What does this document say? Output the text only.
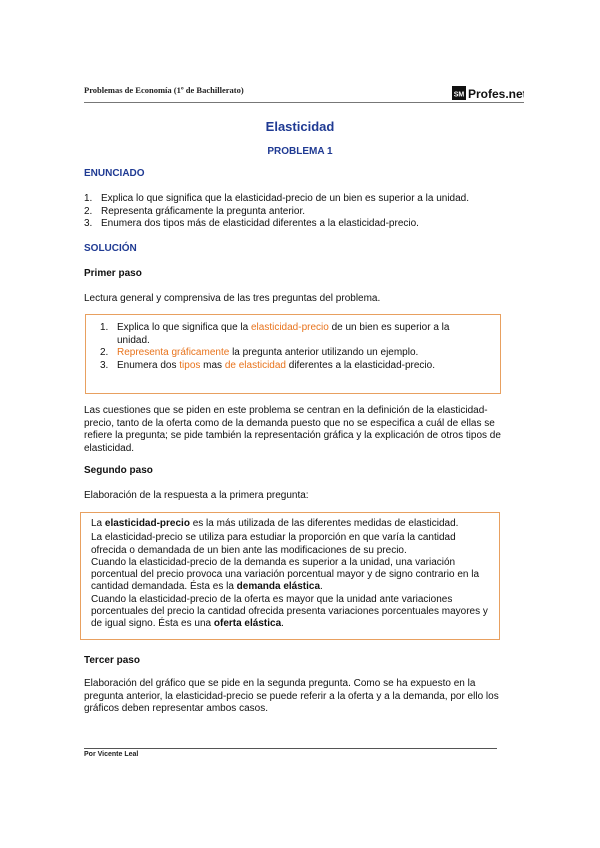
Problemas de Economía (1º de Bachillerato)	SM Profes.net
Elasticidad
PROBLEMA 1
ENUNCIADO
1. Explica lo que significa que la elasticidad-precio de un bien es superior a la unidad.
2. Representa gráficamente la pregunta anterior.
3. Enumera dos tipos más de elasticidad diferentes a la elasticidad-precio.
SOLUCIÓN
Primer paso
Lectura general y comprensiva de las tres preguntas del problema.
1. Explica lo que significa que la elasticidad-precio de un bien es superior a la unidad.
2. Representa gráficamente la pregunta anterior utilizando un ejemplo.
3. Enumera dos tipos mas de elasticidad diferentes a la elasticidad-precio.
Las cuestiones que se piden en este problema se centran en la definición de la elasticidad-precio, tanto de la oferta como de la demanda puesto que no se especifica a cuál de ellas se refiere la pregunta; se pide también la representación gráfica y la explicación de otros tipos de elasticidad.
Segundo paso
Elaboración de la respuesta a la primera pregunta:
La elasticidad-precio es la más utilizada de las diferentes medidas de elasticidad.
La elasticidad-precio se utiliza para estudiar la proporción en que varía la cantidad ofrecida o demandada de un bien ante las modificaciones de su precio.
Cuando la elasticidad-precio de la demanda es superior a la unidad, una variación porcentual del precio provoca una variación porcentual mayor y de signo contrario en la cantidad demandada. Ésta es la demanda elástica.
Cuando la elasticidad-precio de la oferta es mayor que la unidad ante variaciones porcentuales del precio la cantidad ofrecida presenta variaciones porcentuales mayores y de igual signo. Ésta es una oferta elástica.
Tercer paso
Elaboración del gráfico que se pide en la segunda pregunta. Como se ha expuesto en la pregunta anterior, la elasticidad-precio se puede referir a la oferta y a la demanda, por ello los gráficos deben representar ambos casos.
Por Vicente Leal
